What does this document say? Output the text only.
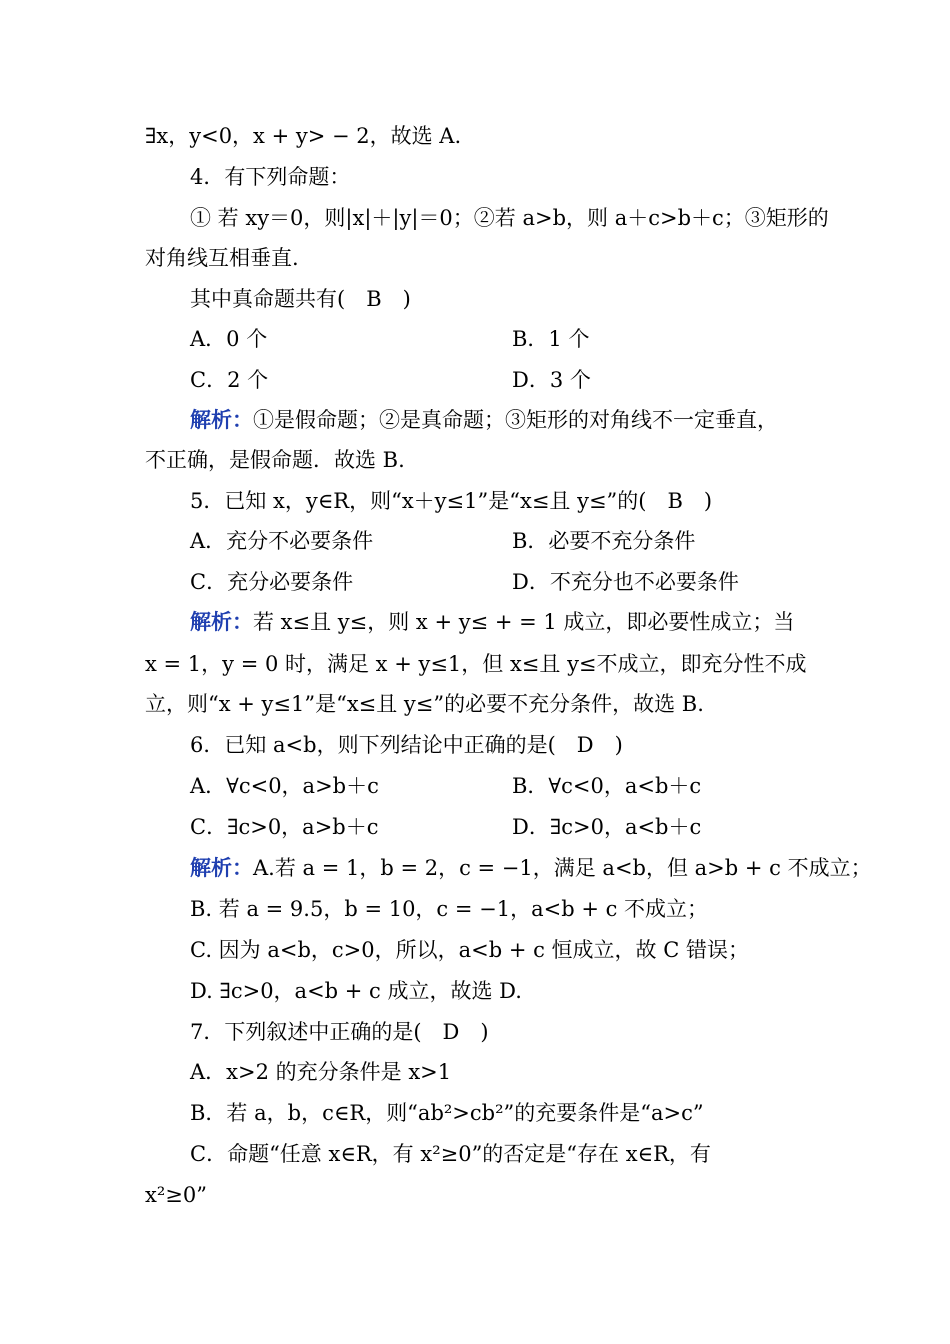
∃x，y<0，x + y> − 2，故选 A.
4．有下列命题：
① 若 xy＝0，则|x|＋|y|＝0；②若 a>b，则 a＋c>b＋c；③矩形的
对角线互相垂直.
其中真命题共有(　B　)
A．0 个	B．1 个
C．2 个	D．3 个
解析：①是假命题；②是真命题；③矩形的对角线不一定垂直，
不正确，是假命题．故选 B.
5．已知 x，y∈R，则“x＋y≤1”是“x≤且 y≤”的(　B　)
A．充分不必要条件	B．必要不充分条件
C．充分必要条件	D．不充分也不必要条件
解析：若 x≤且 y≤，则 x + y≤ + = 1 成立，即必要性成立；当
x = 1，y = 0 时，满足 x + y≤1，但 x≤且 y≤不成立，即充分性不成
立，则“x + y≤1”是“x≤且 y≤”的必要不充分条件，故选 B.
6．已知 a<b，则下列结论中正确的是(　D　)
A．∀c<0，a>b＋c	B．∀c<0，a<b＋c
C．∃c>0，a>b＋c	D．∃c>0，a<b＋c
解析：A.若 a = 1，b = 2，c = −1，满足 a<b，但 a>b + c 不成立；
B. 若 a = 9.5，b = 10，c = −1，a<b + c 不成立；
C. 因为 a<b，c>0，所以，a<b + c 恒成立，故 C 错误；
D. ∃c>0，a<b + c 成立，故选 D.
7．下列叙述中正确的是(　D　)
A．x>2 的充分条件是 x>1
B．若 a，b，c∈R，则“ab²>cb²”的充要条件是“a>c”
C．命题“任意 x∈R，有 x²≥0”的否定是“存在 x∈R，有
x²≥0”
